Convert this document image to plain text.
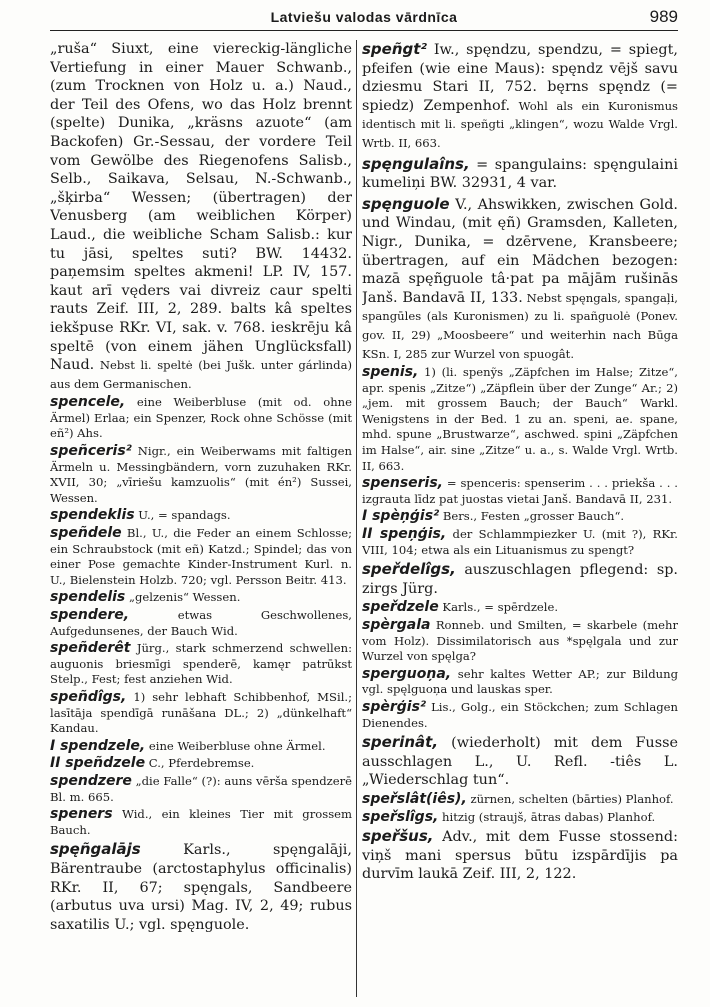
Latviešu valodas vārdnīca	989

„ruša“ Siuxt, eine viereckig-längliche Vertiefung in einer Mauer Schwanb., (zum Trocknen von Holz u. a.) Naud., der Teil des Ofens, wo das Holz brennt (spelte) Dunika, „kräsns azuote“ (am Backofen) Gr.-Sessau, der vordere Teil vom Gewölbe des Riegenofens Salisb., Selb., Saikava, Selsau, N.-Schwanb., „šķirba“ Wessen; (übertragen) der Venusberg (am weiblichen Körper) Laud., die weibliche Scham Salisb.: kur tu jāsi, speltes suti? BW. 14432. paņemsim speltes akmeni! LP. IV, 157. kaut arī vęders vai divreiz caur spelti rauts Zeif. III, 2, 289. balts kâ speltes iekšpuse RKr. VI, sak. v. 768. ieskrēju kâ speltē (von einem jähen Unglücksfall) Naud. Nebst li. speltė (bei Jušk. unter gárlinda) aus dem Germanischen.

spencele, eine Weiberbluse (mit od. ohne Ärmel) Erlaa; ein Spenzer, Rock ohne Schösse (mit eñ²) Ahs.

speñceris² Nigr., ein Weiberwams mit faltigen Ärmeln u. Messingbändern, vorn zuzuhaken RKr. XVII, 30; „vīriešu kamzuolis“ (mit én²) Sussei, Wessen.

spendeklis U., = spandags.

speñdele Bl., U., die Feder an einem Schlosse; ein Schraubstock (mit eñ) Katzd.; Spindel; das von einer Pose gemachte Kinder-Instrument Kurl. n. U., Bielenstein Holzb. 720; vgl. Persson Beitr. 413.

spendelis „gelzenis“ Wessen.

spendere, etwas Geschwollenes, Aufgedunsenes, der Bauch Wid.

speñderêt Jürg., stark schmerzend schwellen: auguonis briesmīgi spenderē, kamęr patrūkst Stelp., Fest; fest anziehen Wid.

speñdîgs, 1) sehr lebhaft Schibbenhof, MSil.; lasītāja spendīgā runāšana DL.; 2) „dünkelhaft“ Kandau.

I spendzele, eine Weiberbluse ohne Ärmel.

II speñdzele C., Pferdebremse.

spendzere „die Falle“ (?): auns vērša spendzerē Bl. m. 665.

speners Wid., ein kleines Tier mit grossem Bauch.

spęñgalājs Karls., spęngalāji, Bärentraube (arctostaphylus officinalis) RKr. II, 67; spęngals, Sandbeere (arbutus uva ursi) Mag. IV, 2, 49; rubus saxatilis U.; vgl. spęnguole.

speñgt² Iw., spęndzu, spendzu, = spiegt, pfeifen (wie eine Maus): spęndz vējš savu dziesmu Stari II, 752. bęrns spęndz (= spiedz) Zempenhof. Wohl als ein Kuronismus identisch mit li. speñgti „klingen“, wozu Walde Vrgl. Wrtb. II, 663.

spęngulaîns, = spangulains: spęngulaini kumeliņi BW. 32931, 4 var.

spęnguole V., Ahswikken, zwischen Gold. und Windau, (mit ęñ) Gramsden, Kalleten, Nigr., Dunika, = dzērvene, Kransbeere; übertragen, auf ein Mädchen bezogen: mazā spęñguole tâ·pat pa mājām rušinās Janš. Bandavā II, 133. Nebst spęngals, spangaļi, spangūles (als Kuronismen) zu li. spañguolė (Ponev. gov. II, 29) „Moosbeere“ und weiterhin nach Būga KSn. I, 285 zur Wurzel von spuogât.

spenis, 1) (li. spenỹs „Zäpfchen im Halse; Zitze“, apr. spenis „Zitze“) „Zäpflein über der Zunge“ Ar.; 2) „jem. mit grossem Bauch; der Bauch“ Warkl. Wenigstens in der Bed. 1 zu an. speni, ae. spane, mhd. spune „Brustwarze“, aschwed. spini „Zäpfchen im Halse“, air. sine „Zitze“ u. a., s. Walde Vrgl. Wrtb. II, 663.

spenseris, = spenceris: spenserim . . . priekša . . . izgrauta līdz pat juostas vietai Janš. Bandavā II, 231.

I spèņģis² Bers., Festen „grosser Bauch“.

II speņģis, der Schlammpiezker U. (mit ?), RKr. VIII, 104; etwa als ein Lituanismus zu spengt?

speřdelîgs, auszuschlagen pflegend: sp. zirgs Jürg.

speřdzele Karls., = spērdzele.

spèrgala Ronneb. und Smilten, = skarbele (mehr vom Holz). Dissimilatorisch aus *spęlgala und zur Wurzel von spęlga?

sperguoņa, sehr kaltes Wetter AP.; zur Bildung vgl. spęlguoņa und lauskas sper.

spèrģis² Lis., Golg., ein Stöckchen; zum Schlagen Dienendes.

sperinât, (wiederholt) mit dem Fusse ausschlagen L., U. Refl. -tiês L. „Wiederschlag tun“.

speřslât(iês), zürnen, schelten (bārties) Planhof.

speřslîgs, hitzig (straujš, ātras dabas) Planhof.

speřšus, Adv., mit dem Fusse stossend: viņš mani spersus būtu izspārdījis pa durvīm laukā Zeif. III, 2, 122.
